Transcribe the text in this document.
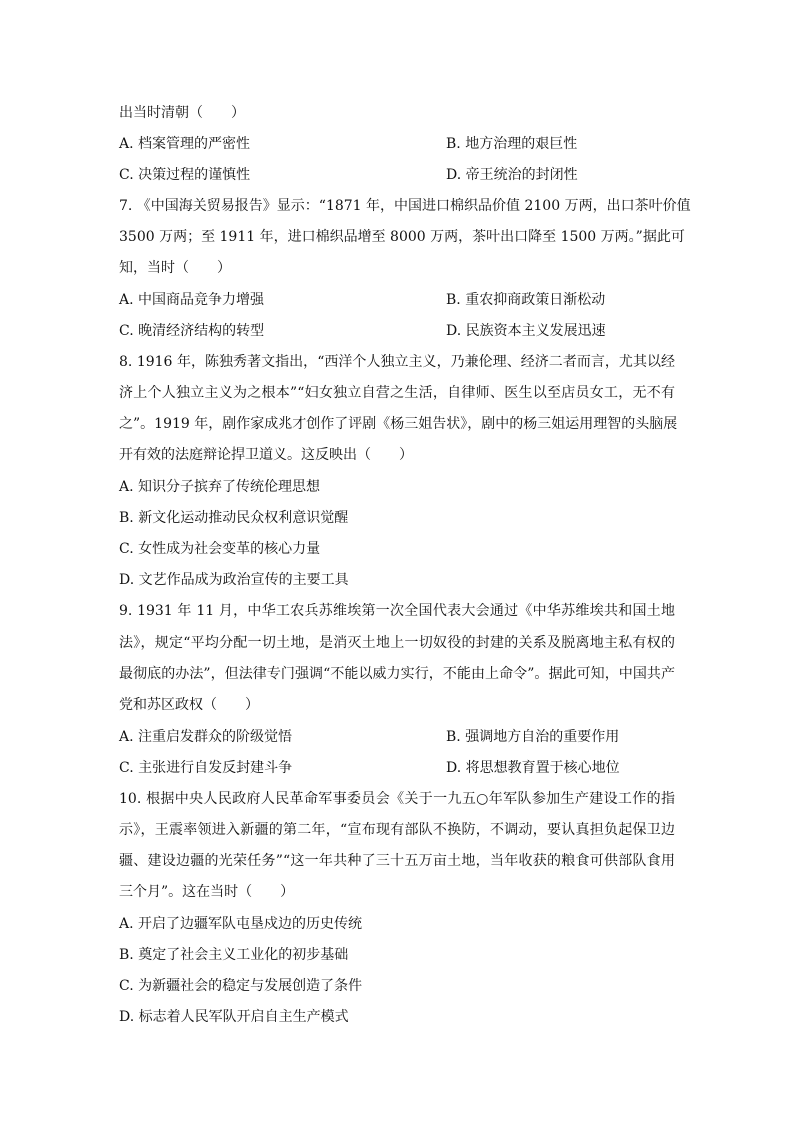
出当时清朝（　　）
A. 档案管理的严密性	B. 地方治理的艰巨性
C. 决策过程的谨慎性	D. 帝王统治的封闭性
7. 《中国海关贸易报告》显示：“1871 年，中国进口棉织品价值 2100 万两，出口茶叶价值
3500 万两；至 1911 年，进口棉织品增至 8000 万两，茶叶出口降至 1500 万两。”据此可
知，当时（　　）
A. 中国商品竞争力增强	B. 重农抑商政策日渐松动
C. 晚清经济结构的转型	D. 民族资本主义发展迅速
8. 1916 年，陈独秀著文指出，“西洋个人独立主义，乃兼伦理、经济二者而言，尤其以经
济上个人独立主义为之根本”“妇女独立自营之生活，自律师、医生以至店员女工，无不有
之”。1919 年，剧作家成兆才创作了评剧《杨三姐告状》，剧中的杨三姐运用理智的头脑展
开有效的法庭辩论捍卫道义。这反映出（　　）
A. 知识分子摈弃了传统伦理思想
B. 新文化运动推动民众权利意识觉醒
C. 女性成为社会变革的核心力量
D. 文艺作品成为政治宣传的主要工具
9. 1931 年 11 月，中华工农兵苏维埃第一次全国代表大会通过《中华苏维埃共和国土地
法》，规定“平均分配一切土地，是消灭土地上一切奴役的封建的关系及脱离地主私有权的
最彻底的办法”，但法律专门强调“不能以威力实行，不能由上命令”。据此可知，中国共产
党和苏区政权（　　）
A. 注重启发群众的阶级觉悟	B. 强调地方自治的重要作用
C. 主张进行自发反封建斗争	D. 将思想教育置于核心地位
10. 根据中央人民政府人民革命军事委员会《关于一九五○年军队参加生产建设工作的指
示》，王震率领进入新疆的第二年，“宣布现有部队不换防，不调动，要认真担负起保卫边
疆、建设边疆的光荣任务”“这一年共种了三十五万亩土地，当年收获的粮食可供部队食用
三个月”。这在当时（　　）
A. 开启了边疆军队屯垦戍边的历史传统
B. 奠定了社会主义工业化的初步基础
C. 为新疆社会的稳定与发展创造了条件
D. 标志着人民军队开启自主生产模式
